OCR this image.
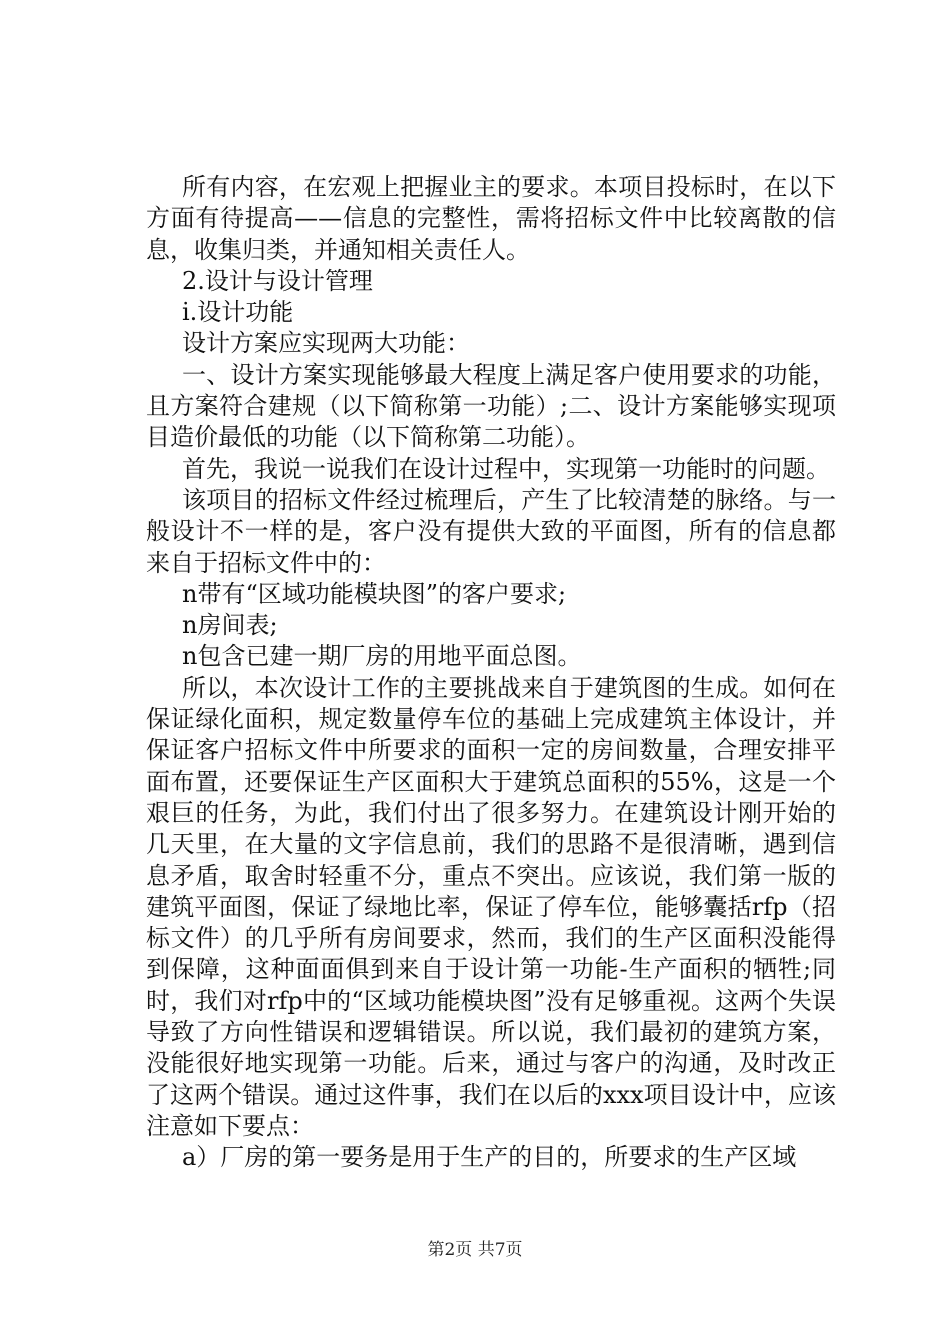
所有内容，在宏观上把握业主的要求。本项目投标时，在以下方面有待提高——信息的完整性，需将招标文件中比较离散的信息，收集归类，并通知相关责任人。

2.设计与设计管理

i.设计功能

设计方案应实现两大功能：

一、设计方案实现能够最大程度上满足客户使用要求的功能，且方案符合建规（以下简称第一功能）;二、设计方案能够实现项目造价最低的功能（以下简称第二功能）。

首先，我说一说我们在设计过程中，实现第一功能时的问题。

该项目的招标文件经过梳理后，产生了比较清楚的脉络。与一般设计不一样的是，客户没有提供大致的平面图，所有的信息都来自于招标文件中的：

n带有“区域功能模块图”的客户要求;

n房间表;

n包含已建一期厂房的用地平面总图。

所以，本次设计工作的主要挑战来自于建筑图的生成。如何在保证绿化面积，规定数量停车位的基础上完成建筑主体设计，并保证客户招标文件中所要求的面积一定的房间数量，合理安排平面布置，还要保证生产区面积大于建筑总面积的55%，这是一个艰巨的任务，为此，我们付出了很多努力。在建筑设计刚开始的几天里，在大量的文字信息前，我们的思路不是很清晰，遇到信息矛盾，取舍时轻重不分，重点不突出。应该说，我们第一版的建筑平面图，保证了绿地比率，保证了停车位，能够囊括rfp（招标文件）的几乎所有房间要求，然而，我们的生产区面积没能得到保障，这种面面俱到来自于设计第一功能-生产面积的牺牲;同时，我们对rfp中的“区域功能模块图”没有足够重视。这两个失误导致了方向性错误和逻辑错误。所以说，我们最初的建筑方案，没能很好地实现第一功能。后来，通过与客户的沟通，及时改正了这两个错误。通过这件事，我们在以后的xxx项目设计中，应该注意如下要点：

a）厂房的第一要务是用于生产的目的，所要求的生产区域

第2页 共7页
